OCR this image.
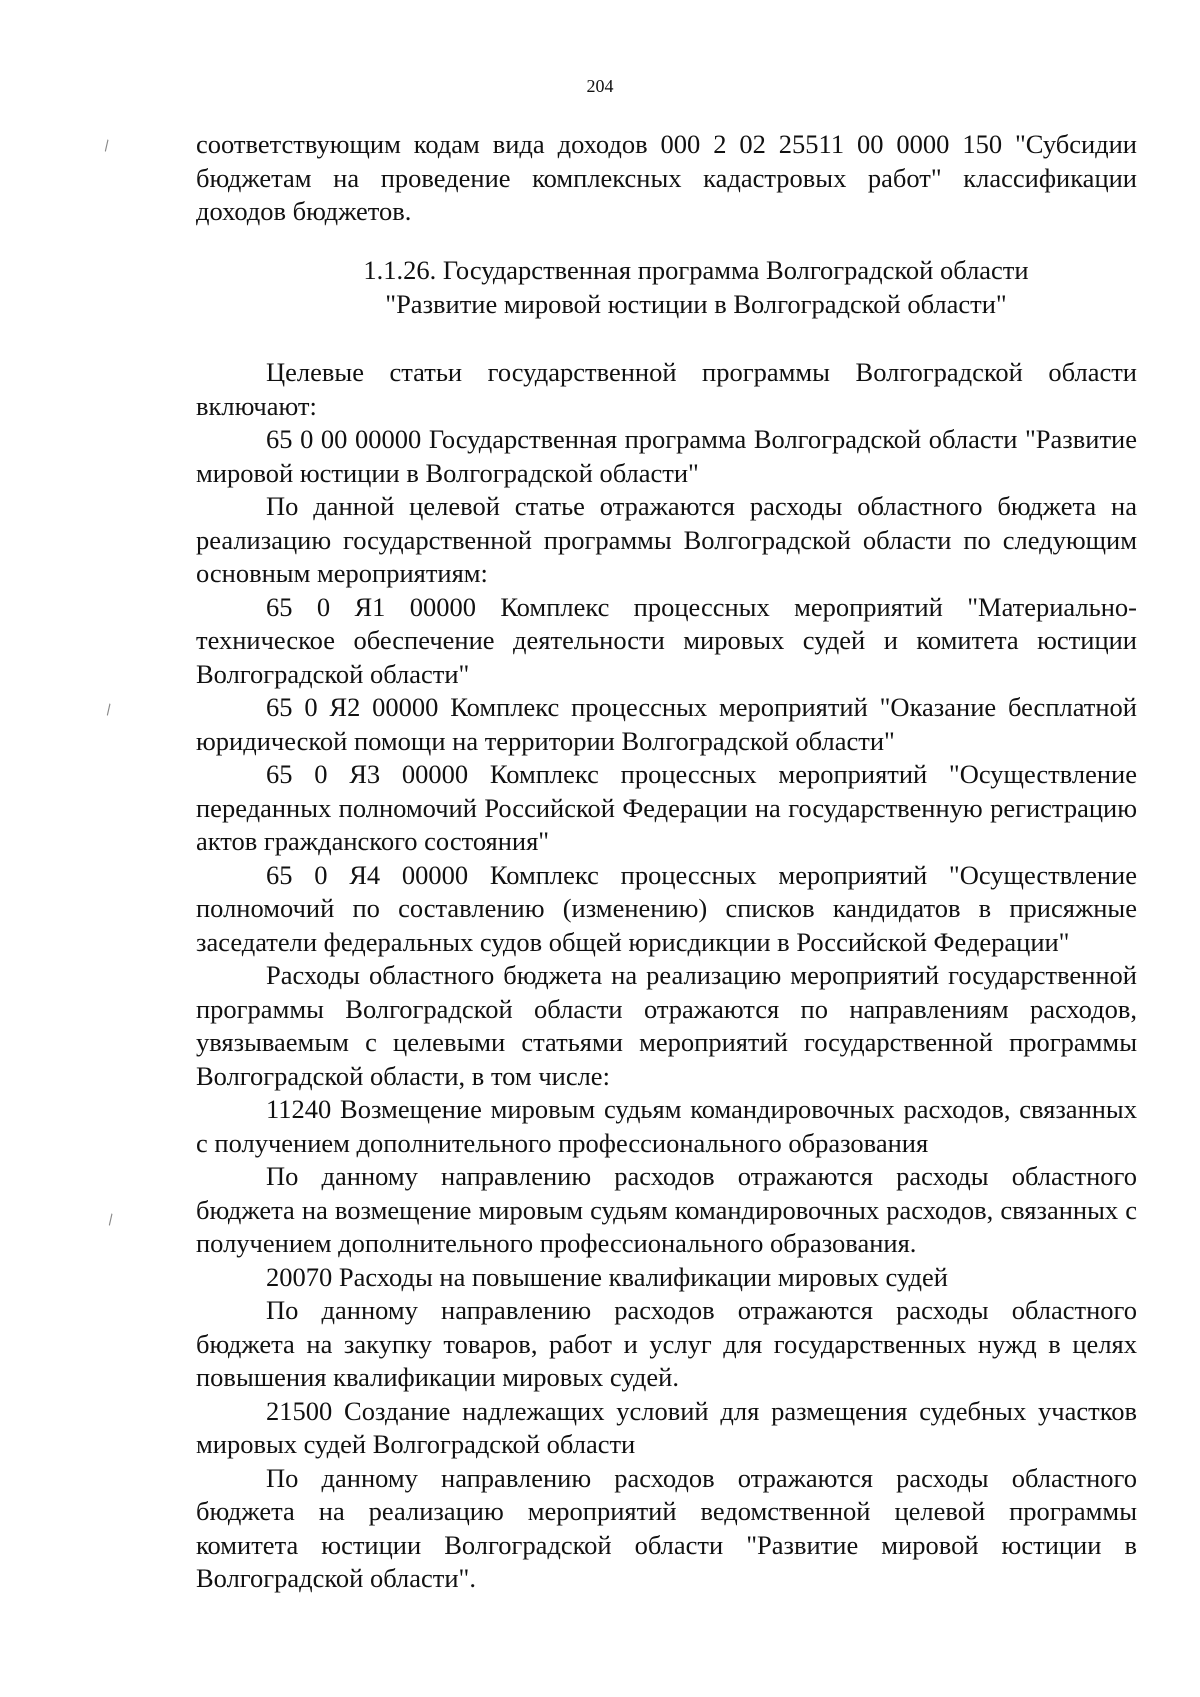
204
\
\
\

соответствующим кодам вида доходов 000 2 02 25511 00 0000 150 "Субсидии бюджетам на проведение комплексных кадастровых работ" классификации доходов бюджетов.

1.1.26. Государственная программа Волгоградской области
"Развитие мировой юстиции в Волгоградской области"

Целевые статьи государственной программы Волгоградской области включают:

65 0 00 00000 Государственная программа Волгоградской области "Развитие мировой юстиции в Волгоградской области"

По данной целевой статье отражаются расходы областного бюджета на реализацию государственной программы Волгоградской области по следующим основным мероприятиям:

65 0 Я1 00000 Комплекс процессных мероприятий "Материально-техническое обеспечение деятельности мировых судей и комитета юстиции Волгоградской области"

65 0 Я2 00000 Комплекс процессных мероприятий "Оказание бесплатной юридической помощи на территории Волгоградской области"

65 0 Я3 00000 Комплекс процессных мероприятий "Осуществление переданных полномочий Российской Федерации на государственную регистрацию актов гражданского состояния"

65 0 Я4 00000 Комплекс процессных мероприятий "Осуществление полномочий по составлению (изменению) списков кандидатов в присяжные заседатели федеральных судов общей юрисдикции в Российской Федерации"

Расходы областного бюджета на реализацию мероприятий государственной программы Волгоградской области отражаются по направлениям расходов, увязываемым с целевыми статьями мероприятий государственной программы Волгоградской области, в том числе:

11240 Возмещение мировым судьям командировочных расходов, связанных с получением дополнительного профессионального образования

По данному направлению расходов отражаются расходы областного бюджета на возмещение мировым судьям командировочных расходов, связанных с получением дополнительного профессионального образования.

20070 Расходы на повышение квалификации мировых судей

По данному направлению расходов отражаются расходы областного бюджета на закупку товаров, работ и услуг для государственных нужд в целях повышения квалификации мировых судей.

21500 Создание надлежащих условий для размещения судебных участков мировых судей Волгоградской области

По данному направлению расходов отражаются расходы областного бюджета на реализацию мероприятий ведомственной целевой программы комитета юстиции Волгоградской области "Развитие мировой юстиции в Волгоградской области".
